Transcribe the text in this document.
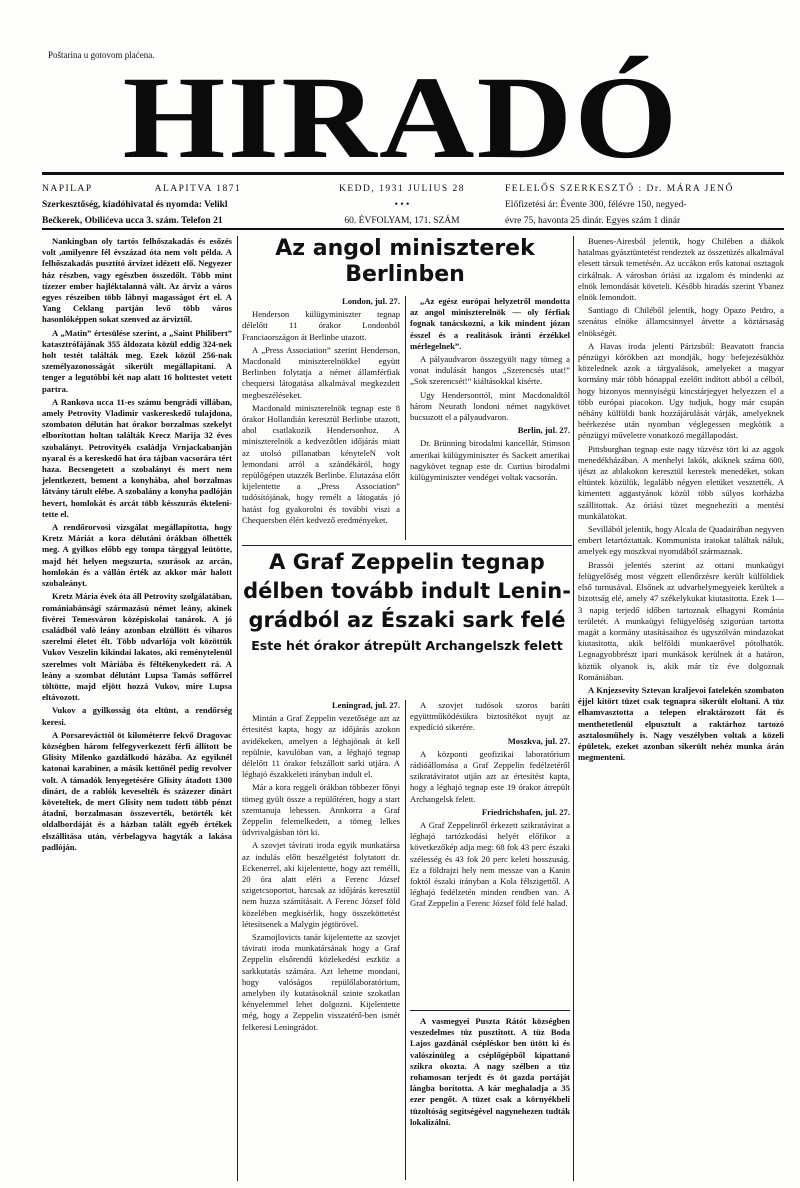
Poštarina u gotovom plaćena.
HIRADÓ
NAPILAP	ALAPITVA 1871
Szerkesztőség, kiadóhivatal és nyomda: Velikl
Bečkerek, Obilićeva ucca 3. szám. Telefon 21
KEDD, 1931 JULIUS 28
• • •
60. ÉVFOLYAM, 171. SZÁM
FELELŐS SZERKESZTŐ : Dr. MÁRA JENŐ
Előfizetési ár: Évente 300, félévre 150, negyed-
évre 75, havonta 25 dinár. Egyes szám 1 dinár

Nankingban oly tartós felhőszakadás és esőzés volt ,amilyenre fél évszázad óta nem volt példa. A felhőszakadás pusztító árvizet idézett elő. Negyezer ház részben, vagy egészben összedőlt. Több mint tízezer ember hajléktalanná vált. Az árviz a város egyes részeiben több lábnyi magasságot ért el. A Yang Ceklang partján levő több város hasonlóképpen sokat szenved az árviztől.

A „Matin” értesülése szerint, a „Saint Philibert” katasztrófájának 355 áldozata közül eddig 324-nek holt testét találták meg. Ezek közül 256-nak személyazonosságát sikerült megállapitani. A tenger a legutóbbi két nap alatt 16 holttestet vetett partra.

A Rankova ucca 11-es számu bengrádi villában, amely Petrovity Vladimir vaskereskedő tulajdona, szombaton délután hat órakor borzalmas szekelyt elborítottan holtan találták Krecz Marija 32 éves szobalányt. Petrovityék családja Vrnjackabanján nyaral és a kereskedő hat óra tájban vacsorára tért haza. Becsengetett a szobalányt és mert nem jelentkezett, bement a konyhába, ahol borzalmas látvány tárult elébe. A szobalány a konyha padlóján hevert, homlokát és arcát több késszurás éktelenitette el.

A rendőrorvosi vizsgálat megállapította, hogy Kretz Máriát a kora délutáni órákban ölhették meg. A gyilkos előbb egy tompa tárggyal leütötte, majd hét helyen megszurta, szurások az arcán, homlokán és a vállán érték az akkor már halott szobaleányt.

Kretz Mária évek óta áll Petrovity szolgálatában, romániabánsági származású német leány, akinek fivérei Temesváron középiskolai tanárok. A jó családból való leány azonban elzüllött és viharos szerelmi életet élt. Több udvarlója volt közöttük Vukov Veszelin kikindai lakatos, aki reménytelenül szerelmes volt Máriába és féltékenykedett rá. A leány a szombat délutánt Lupsa Tamás soffőrrel töltötte, majd eljött hozzá Vukov, mire Lupsa eltávozott.

Vukov a gyilkosság óta eltünt, a rendőrség keresi.

A Porsarevácttól öt kilométerre fekvő Dragovac községben három felfegyverkezett férfi állított be Glisity Milenko gazdálkodó házába. Az egyiknél katonai karabiner, a másik kettőnél pedig revolver volt. A támadók lenyegetésére Glisity átadott 1300 dinárt, de a rablók keveselték és százezer dinárt követeltek, de mert Glisity nem tudott több pénzt átadni, borzalmasan összeverték, betörték két oldalbordáját és a házban talált egyéb értékek elszállitása után, vérbelagyva hagyták a lakása padlóján.

Az angol miniszterek
Berlinben

London, jul. 27.

Henderson külügyminiszter tegnap délelőtt 11 órakor Londonból Franciaországon át Berlinbe utazott.

A „Press Association” szerint Henderson, Macdonald miniszterelnökkel együtt Berlinben folytatja a német államférfiak chequersi látogatása alkalmával megkezdett megbeszéléseket.

Macdonald miniszterelnök tegnap este 8 órakor Hollandián keresztül Berlinbe utazott, ahol csatlakozik Hendersonhoz. A miniszterelnök a kedvezőtlen időjárás miatt az utolsó pillanatban kényteleN volt lemondani arról a szándékáról, hogy repülőgépen utazzék Berlinbe. Elutazása előtt kijelentette a „Press Association” tudósítójának, hogy remélt a látogatás jó hatást fog gyakorolni és további viszi a Chequersben élért kedvező eredményeket.

„Az egész európai helyzetről mondotta az angol miniszterelnök — oly férfiak fognak tanácskozni, a kik mindent józan ésszel és a realitások iránti érzékkel mérlegelnek”.

A pályaudvaron összegyült nagy tömeg a vonat indulását hangos „Szerencsés utat!” „Sok szerencsét!” kiáltásokkal kisérte.

Ugy Hendersonttól, mint Macdonaldtól három Neurath londoni német nagykövet bucsuzott el a pályaudvaron.

Berlin, jul. 27.

Dr. Brünning birodalmi kancellár, Stimson amerikai külügyminiszter és Sackett amerikai nagykövet tegnap este dr. Curtius birodalmi külügyminiszter vendégei voltak vacsorán.

A Graf Zeppelin tegnap
délben tovább indult Lenin-
grádból az Északi sark felé
Este hét órakor átrepült Archangelszk felett

Leningrad, jul. 27.

Mintán a Graf Zeppelin vezetősége azt az értesitést kapta, hogy az időjárás azokon avidékeken, amelyen a léghajónak át kell repülnie, kavulóban van, a léghajó tegnap délelőtt 11 órakor felszállott sarki utjára. A léghajó északkeleti irányban indult el.

Már a kora reggeli órákban többezer főnyi tömeg gyült össze a repülőtéren, hogy a start szemtanuja lehessen. Annkorra a Graf Zeppelin felemelkedett, a tömeg lelkes üdvrivalgásban tört ki.

A szovjet távirati iroda egyik munkatársa az indulás előtt beszélgetést folytatott dr. Eckenerrel, aki kijelentette, hogy azt remélli, 20 óra alatt eléri a Ferenc József szigetcsoportot, harcsak az időjárás keresztül nem huzza számításait. A Ferenc József föld közelében megkisérlik, hogy összeköttetést létesítsenek a Malygin jégtöróvel.

Szamojlovicts tanár kijelentette az szovjet távirati iroda munkatársának hogy a Graf Zeppelin elsőrendű közlekedési eszköz a sarkkutatás számára. Azt lehetne mondani, hogy valóságos repülőlaboratórium, amelyben ily kutatásoknál szinte szokatlan kényelemmel lehet dolgozni. Kijelentette még, hogy a Zeppelin visszatérő-ben ismét felkeresi Leningrádot.

A szovjet tudósok szoros baráti együttműködésükra biztosítékot nyujt az expedíció sikerére.

Moszkva, jul. 27.

A központi geofizikai laboratórium rádióállomása a Graf Zeppelin fedélzetéről szikratáviratot utján azt az értesítést kapta, hogy a léghajó tegnap este 19 órakor átrepült Archangelsk felett.

Friedrichshafen, jul. 27.

A Graf Zeppelinről érkezett szikratávirat a léghajó tartózkodási helyét előfikor a következőkép adja meg: 68 fok 43 perc északi szélesség és 43 fok 20 perc keleti hosszuság. Ez a földrajzi hely nem messze van a Kanin foktól északi irányban a Kola félszigettől. A léghajó fedélzetén minden rendben van. A Graf Zeppelin a Ferenc József föld felé halad.

A vasmegyei Puszta Rátót községben veszedelmes tüz pusztitott. A tüz Boda Lajos gazdánál csépléskor ben ütött ki és valószinüleg a cséplőgépből kipattanó szikra okozta. A nagy szélben a tüz rohamosan terjedt és öt gazda portáját lángba borította. A kár meghaladja a 35 ezer pengőt. A tüzet csak a környékbeli tüzoltóság segítségével nagynehezen tudták lokalizálni.

Buenes-Airesból jelentik, hogy Chilében a diákok hatalmas gyásztüntetést rendeztek az összetüzés alkalmával elesett társuk temetésén. Az uccákon erős katonai osztagok cirkálnak. A városban óriási az izgalom és mindenki az elnök lemondását követeli. Később hiradás szerint Ybanez elnök lemondott.

Santiago di Chiléből jelentik, hogy Opazo Petdro, a szenátus elnöke államcsinnyel átvette a köztársaság elnökségét.

A Havas iroda jelenti Párizsból: Beavatott francia pénzügyi körökben azt mondják, hogy befejezésükhöz közelednek azok a tárgyalások, amelyeket a magyar kormány már több hónappal ezelőtt indított abból a célból, hogy bizonyos mennyiségü kincstárjegyet helyezzen el a több európai piacokon. Ugy tudjuk, hogy már csupán néhány külföldi bank hozzájárulását várják, amelyeknek beérkezése után nyomban véglegessen megkötik a pénzügyi műveletre vonatkozó megállapodást.

Pittsburghan tegnap este nagy tüzvész tört ki az aggok menedékházában. A menhelyi lakók, akiknek száma 600, ijészt az ablakokon keresztül kerestek menedéket, sokan eltüntek közülük, legalább négyen eletüket vesztették. A kimentett aggastyánok közül több súlyos korházba szállitottak. Az óriási tüzet megnehezíti a mentési munkálatokat.

Sevillából jelentik, hogy Alcala de Quadairában negyven embert letartóztattak. Kommunista iratokat találtak náluk, amelyek egy moszkvai nyomdából származnak.

Brassói jelentés szerint az ottani munkaügyi felügyelőség most végzett ellenőrzésre került külföldiek első turnusával. Elsőnek az udvarhelymegyeiek kerültek a bizottság elé, amely 47 székelykukat kiutasitotta. Ezek 1—3 napig terjedő időben tartoznak elhagyni Románia területét. A munkaügyi felügyelőség szigorúan tartotta magát a kormány utasításaihoz és ugyszólván mindazokat kiutasitotta, akik belföldi munkaerővel pótolhatók. Legnagyobbrészt ipari munkások kerülnek át a határon, köztük olyanok is, akik már tíz éve dolgoznak Romániában.

A Knjezsevity Sztevan kraljevoi fatelekén szombaton éjjel kitört tüzet csak tegnapra sikerült eloltani. A tüz elhamvasztotta a telepen elraktározott fát és menthetetlenül elpusztult a raktárhoz tartozó asztalosműhely is. Nagy veszélyben voltak a közeli épületek, ezeket azonban sikerült nehéz munka árán megmenteni.
